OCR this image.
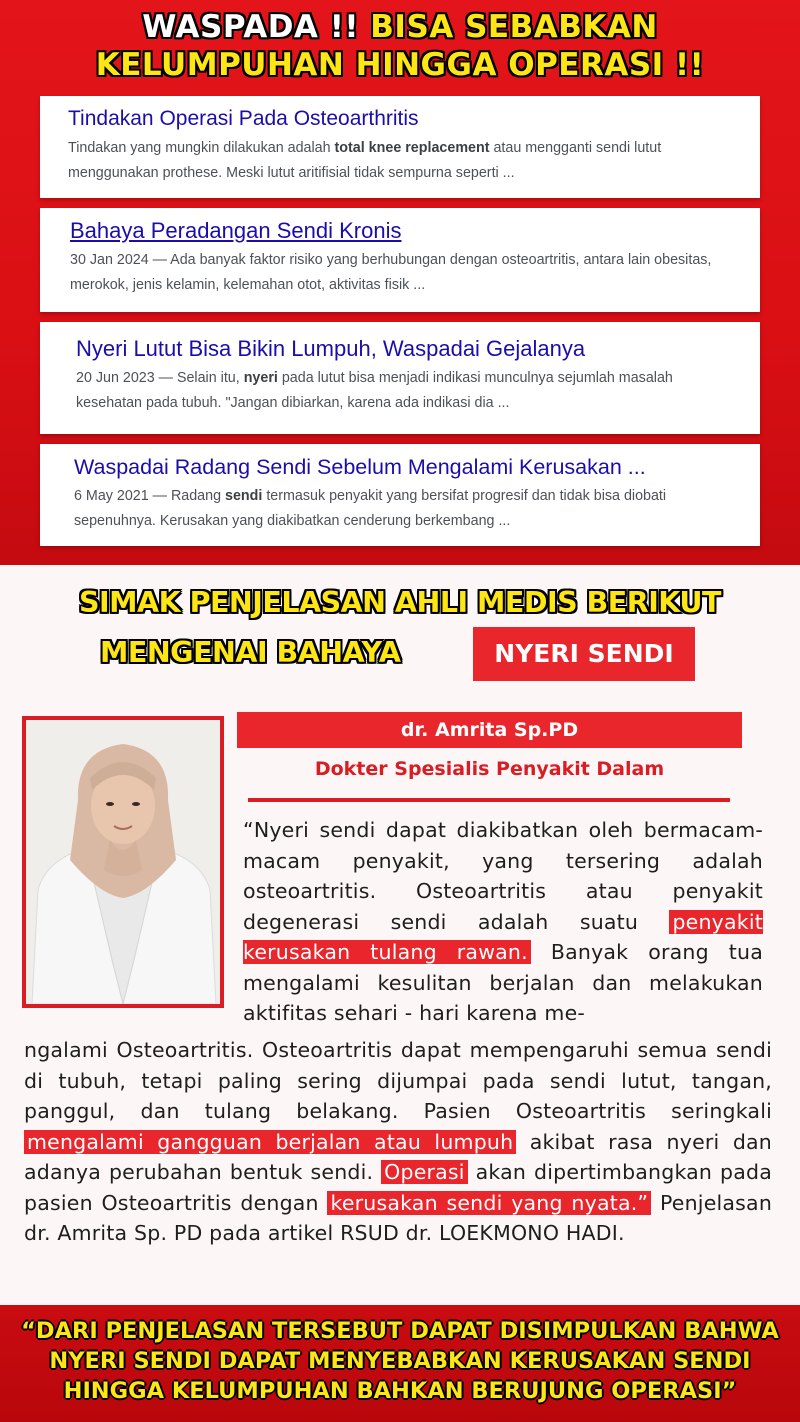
WASPADA !! BISA SEBABKAN
KELUMPUHAN HINGGA OPERASI !!
Tindakan Operasi Pada Osteoarthritis
Tindakan yang mungkin dilakukan adalah total knee replacement atau mengganti sendi lutut menggunakan prothese. Meski lutut aritifisial tidak sempurna seperti ...
Bahaya Peradangan Sendi Kronis
30 Jan 2024 — Ada banyak faktor risiko yang berhubungan dengan osteoartritis, antara lain obesitas, merokok, jenis kelamin, kelemahan otot, aktivitas fisik ...
Nyeri Lutut Bisa Bikin Lumpuh, Waspadai Gejalanya
20 Jun 2023 — Selain itu, nyeri pada lutut bisa menjadi indikasi munculnya sejumlah masalah kesehatan pada tubuh. "Jangan dibiarkan, karena ada indikasi dia ...
Waspadai Radang Sendi Sebelum Mengalami Kerusakan ...
6 May 2021 — Radang sendi termasuk penyakit yang bersifat progresif dan tidak bisa diobati sepenuhnya. Kerusakan yang diakibatkan cenderung berkembang ...
SIMAK PENJELASAN AHLI MEDIS BERIKUT
MENGENAI BAHAYA	NYERI SENDI
dr. Amrita Sp.PD
Dokter Spesialis Penyakit Dalam
“Nyeri sendi dapat diakibatkan oleh bermacam-macam penyakit, yang tersering adalah osteoartritis. Osteoartritis atau penyakit degenerasi sendi adalah suatu penyakit kerusakan tulang rawan. Banyak orang tua mengalami kesulitan berjalan dan melakukan aktifitas sehari - hari karena me-
ngalami Osteoartritis. Osteoartritis dapat mempengaruhi semua sendi di tubuh, tetapi paling sering dijumpai pada sendi lutut, tangan, panggul, dan tulang belakang. Pasien Osteoartritis seringkali mengalami gangguan berjalan atau lumpuh akibat rasa nyeri dan adanya perubahan bentuk sendi. Operasi akan dipertimbangkan pada pasien Osteoartritis dengan kerusakan sendi yang nyata.” Penjelasan dr. Amrita Sp. PD pada artikel RSUD dr. LOEKMONO HADI.
“DARI PENJELASAN TERSEBUT DAPAT DISIMPULKAN BAHWA
NYERI SENDI DAPAT MENYEBABKAN KERUSAKAN SENDI
HINGGA KELUMPUHAN BAHKAN BERUJUNG OPERASI”
